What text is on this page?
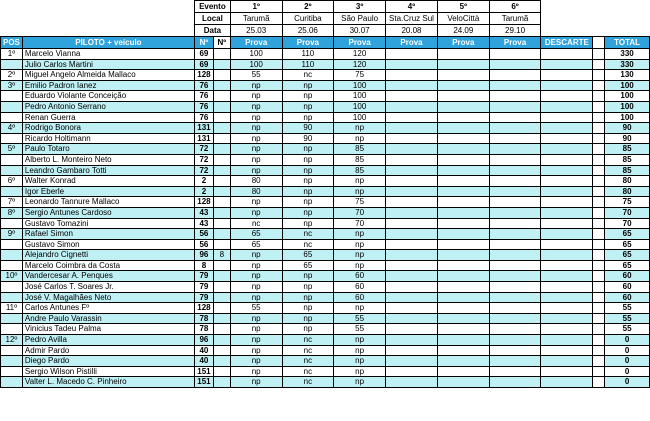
		Evento		1º	2º	3º	4º	5º	6º			
		Local		Tarumã	Curitiba	São Paulo	Sta.Cruz Sul	VeloCittà	Tarumã			
		Data		25.03	25.06	30.07	20.08	24.09	29.10			
POS	PILOTO + veículo	Nº	Nº	Prova	Prova	Prova	Prova	Prova	Prova	DESCARTE		TOTAL
1º	Marcelo Vianna	69		100	110	120						330
	Julio Carlos Martini	69		100	110	120						330
2º	Miguel Angelo Almeida Mallaco	128		55	nc	75						130
3º	Emilio Padron Ianez	76		np	np	100						100
	Eduardo Violante Conceição	76		np	np	100						100
	Pedro Antonio Serrano	76		np	np	100						100
	Renan Guerra	76		np	np	100						100
4º	Rodrigo Bonora	131		np	90	np						90
	Ricardo Holtimann	131		np	90	np						90
5º	Paulo Totaro	72		np	np	85						85
	Alberto L. Monteiro Neto	72		np	np	85						85
	Leandro Gambaro Totti	72		np	np	85						85
6º	Walter Konrad	2		80	np	np						80
	Igor Eberle	2		80	np	np						80
7º	Leonardo Tannure Mallaco	128		np	np	75						75
8º	Sergio Antunes Cardoso	43		np	np	70						70
	Gustavo Tomazini	43		nc	np	70						70
9º	Rafael Simon	56		65	nc	np						65
	Gustavo Simon	56		65	nc	np						65
	Alejandro Cignetti	96	8	np	65	np						65
	Marcelo Coimbra da Costa	8		np	65	np						65
10º	Vandercesar A. Penques	79		np	np	60						60
	José Carlos T. Soares Jr.	79		np	np	60						60
	José V. Magalhães Neto	79		np	np	60						60
11º	Carlos Antunes Fº	128		55	np	np						55
	Andre Paulo Varassin	78		np	np	55						55
	Vinicius Tadeu Palma	78		np	np	55						55
12º	Pedro Avilla	96		np	nc	np						0
	Admir Pardo	40		np	nc	np						0
	Diego Pardo	40		np	nc	np						0
	Sergio Wilson Pistilli	151		np	nc	np						0
	Valter L. Macedo C. Pinheiro	151		np	nc	np						0
